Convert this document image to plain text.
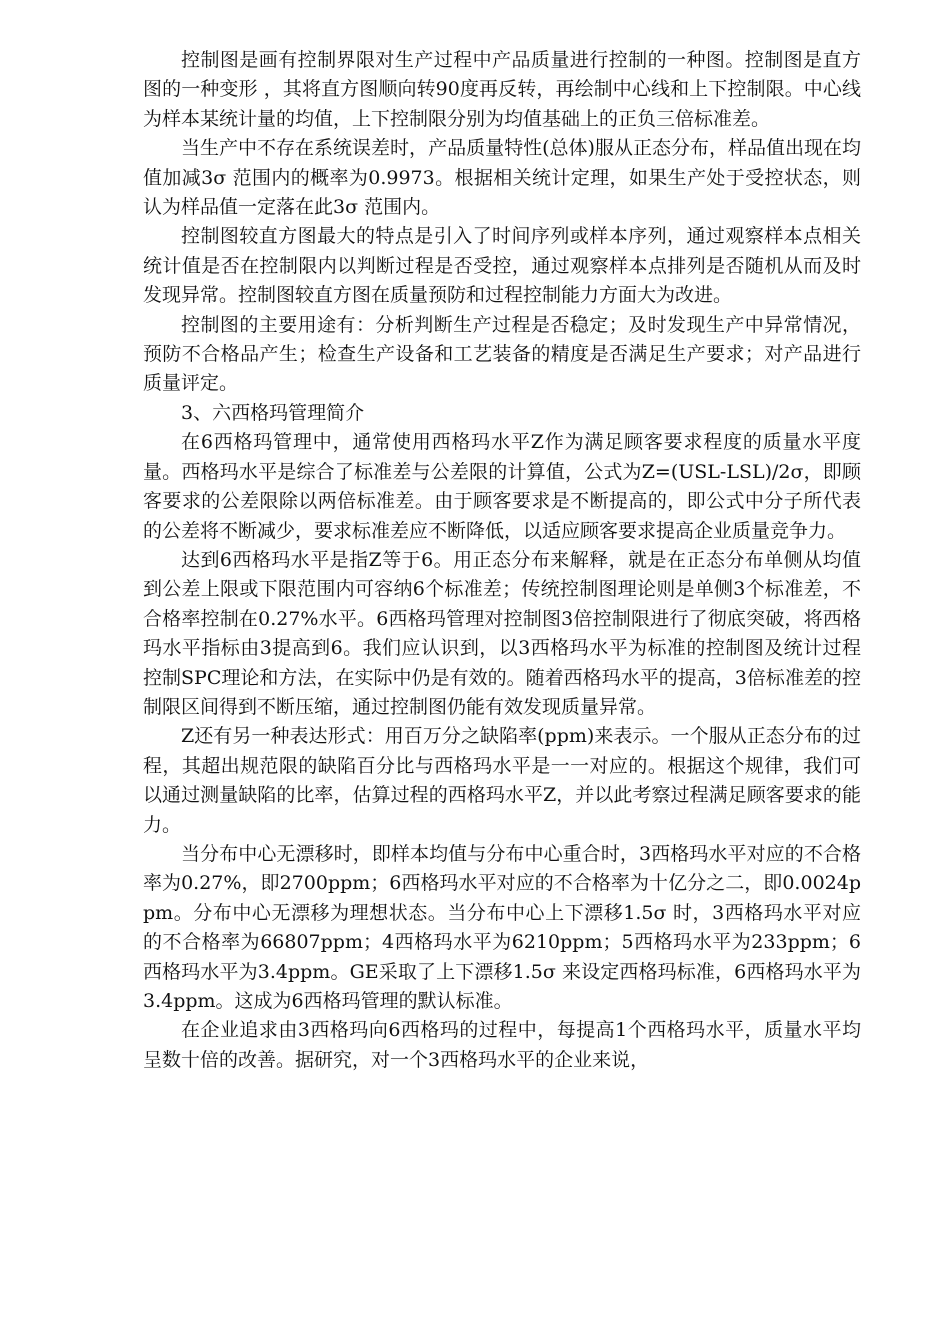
控制图是画有控制界限对生产过程中产品质量进行控制的一种图。控制图是直方图的一种变形 ，其将直方图顺向转90度再反转，再绘制中心线和上下控制限。中心线为样本某统计量的均值，上下控制限分别为均值基础上的正负三倍标准差。

当生产中不存在系统误差时，产品质量特性(总体)服从正态分布，样品值出现在均值加减3σ 范围内的概率为0.9973。根据相关统计定理，如果生产处于受控状态，则认为样品值一定落在此3σ 范围内。

控制图较直方图最大的特点是引入了时间序列或样本序列，通过观察样本点相关统计值是否在控制限内以判断过程是否受控，通过观察样本点排列是否随机从而及时发现异常。控制图较直方图在质量预防和过程控制能力方面大为改进。

控制图的主要用途有：分析判断生产过程是否稳定；及时发现生产中异常情况，预防不合格品产生；检查生产设备和工艺装备的精度是否满足生产要求；对产品进行质量评定。

3、六西格玛管理简介

在6西格玛管理中，通常使用西格玛水平Z作为满足顾客要求程度的质量水平度量。西格玛水平是综合了标准差与公差限的计算值，公式为Z=(USL-LSL)/2σ，即顾客要求的公差限除以两倍标准差。由于顾客要求是不断提高的，即公式中分子所代表的公差将不断减少，要求标准差应不断降低，以适应顾客要求提高企业质量竞争力。

达到6西格玛水平是指Z等于6。用正态分布来解释，就是在正态分布单侧从均值到公差上限或下限范围内可容纳6个标准差；传统控制图理论则是单侧3个标准差，不合格率控制在0.27%水平。6西格玛管理对控制图3倍控制限进行了彻底突破，将西格玛水平指标由3提高到6。我们应认识到，以3西格玛水平为标准的控制图及统计过程控制SPC理论和方法，在实际中仍是有效的。随着西格玛水平的提高，3倍标准差的控制限区间得到不断压缩，通过控制图仍能有效发现质量异常。

Z还有另一种表达形式：用百万分之缺陷率(ppm)来表示。一个服从正态分布的过程，其超出规范限的缺陷百分比与西格玛水平是一一对应的。根据这个规律，我们可以通过测量缺陷的比率，估算过程的西格玛水平Z，并以此考察过程满足顾客要求的能力。

当分布中心无漂移时，即样本均值与分布中心重合时，3西格玛水平对应的不合格率为0.27%，即2700ppm；6西格玛水平对应的不合格率为十亿分之二，即0.0024ppm。分布中心无漂移为理想状态。当分布中心上下漂移1.5σ 时，3西格玛水平对应的不合格率为66807ppm；4西格玛水平为6210ppm；5西格玛水平为233ppm；6西格玛水平为3.4ppm。GE采取了上下漂移1.5σ 来设定西格玛标准，6西格玛水平为3.4ppm。这成为6西格玛管理的默认标准。

在企业追求由3西格玛向6西格玛的过程中，每提高1个西格玛水平，质量水平均呈数十倍的改善。据研究，对一个3西格玛水平的企业来说，
